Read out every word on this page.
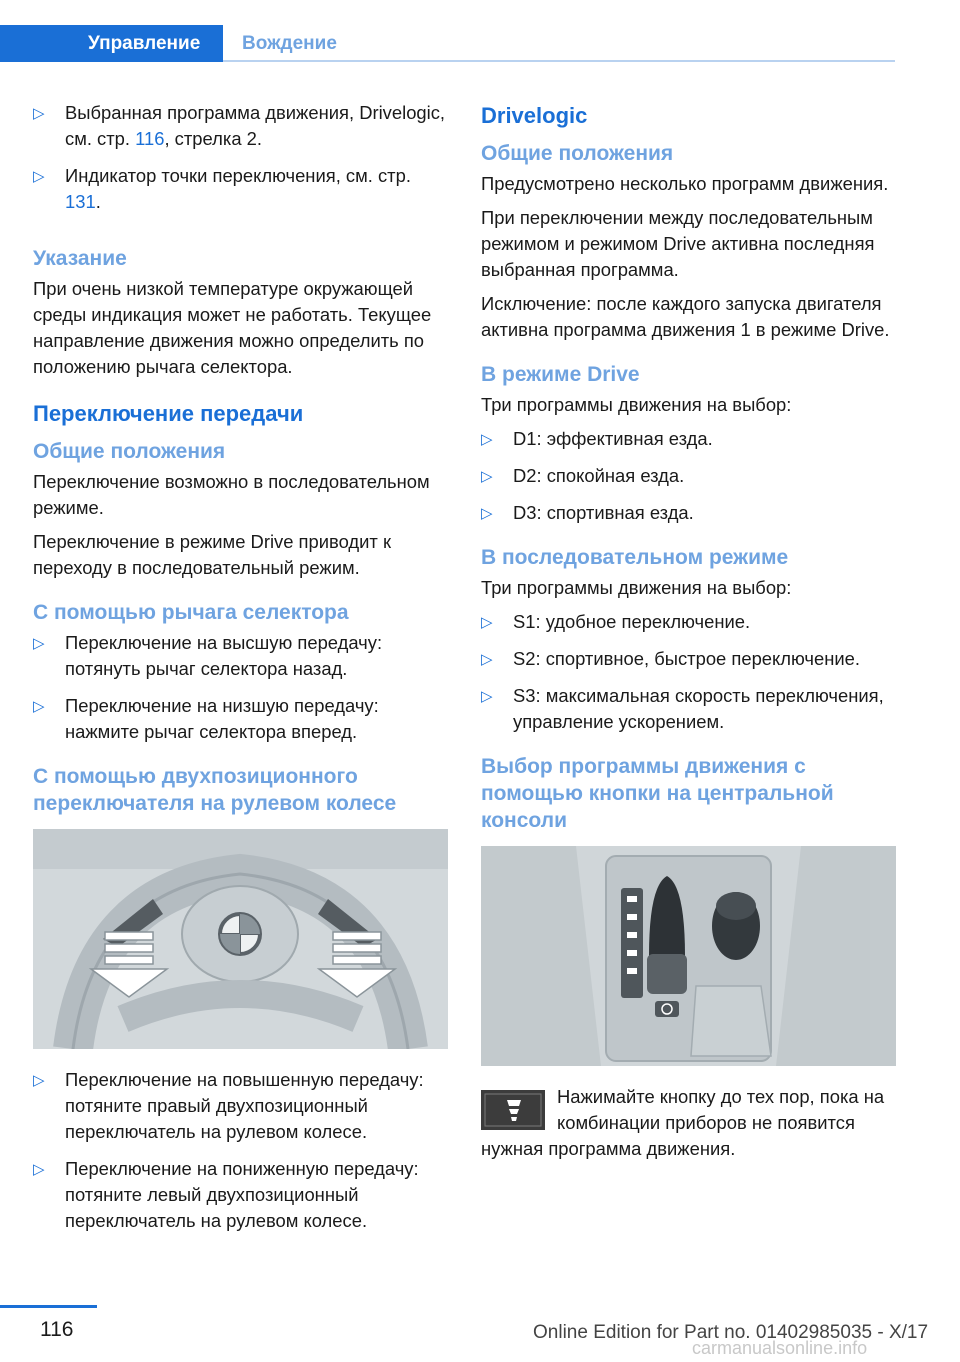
Управление	Вождение
▷ Выбранная программа движения, Drivelogic, см. стр. 116, стрелка 2.
▷ Индикатор точки переключения, см. стр. 131.
Указание
При очень низкой температуре окружающей среды индикация может не работать. Текущее направление движения можно определить по положению рычага селектора.
Переключение передачи
Общие положения
Переключение возможно в последовательном режиме.
Переключение в режиме Drive приводит к переходу в последовательный режим.
С помощью рычага селектора
▷ Переключение на высшую передачу: потянуть рычаг селектора назад.
▷ Переключение на низшую передачу: нажмите рычаг селектора вперед.
С помощью двухпозиционного переключателя на рулевом колесе
▷ Переключение на повышенную передачу: потяните правый двухпозиционный переключатель на рулевом колесе.
▷ Переключение на пониженную передачу: потяните левый двухпозиционный переключатель на рулевом колесе.
Drivelogic
Общие положения
Предусмотрено несколько программ движения.
При переключении между последовательным режимом и режимом Drive активна последняя выбранная программа.
Исключение: после каждого запуска двигателя активна программа движения 1 в режиме Drive.
В режиме Drive
Три программы движения на выбор:
▷ D1: эффективная езда.
▷ D2: спокойная езда.
▷ D3: спортивная езда.
В последовательном режиме
Три программы движения на выбор:
▷ S1: удобное переключение.
▷ S2: спортивное, быстрое переключение.
▷ S3: максимальная скорость переключения, управление ускорением.
Выбор программы движения с помощью кнопки на центральной консоли
Нажимайте кнопку до тех пор, пока на комбинации приборов не появится нужная программа движения.
116	Online Edition for Part no. 01402985035 - X/17
carmanualsonline.info
